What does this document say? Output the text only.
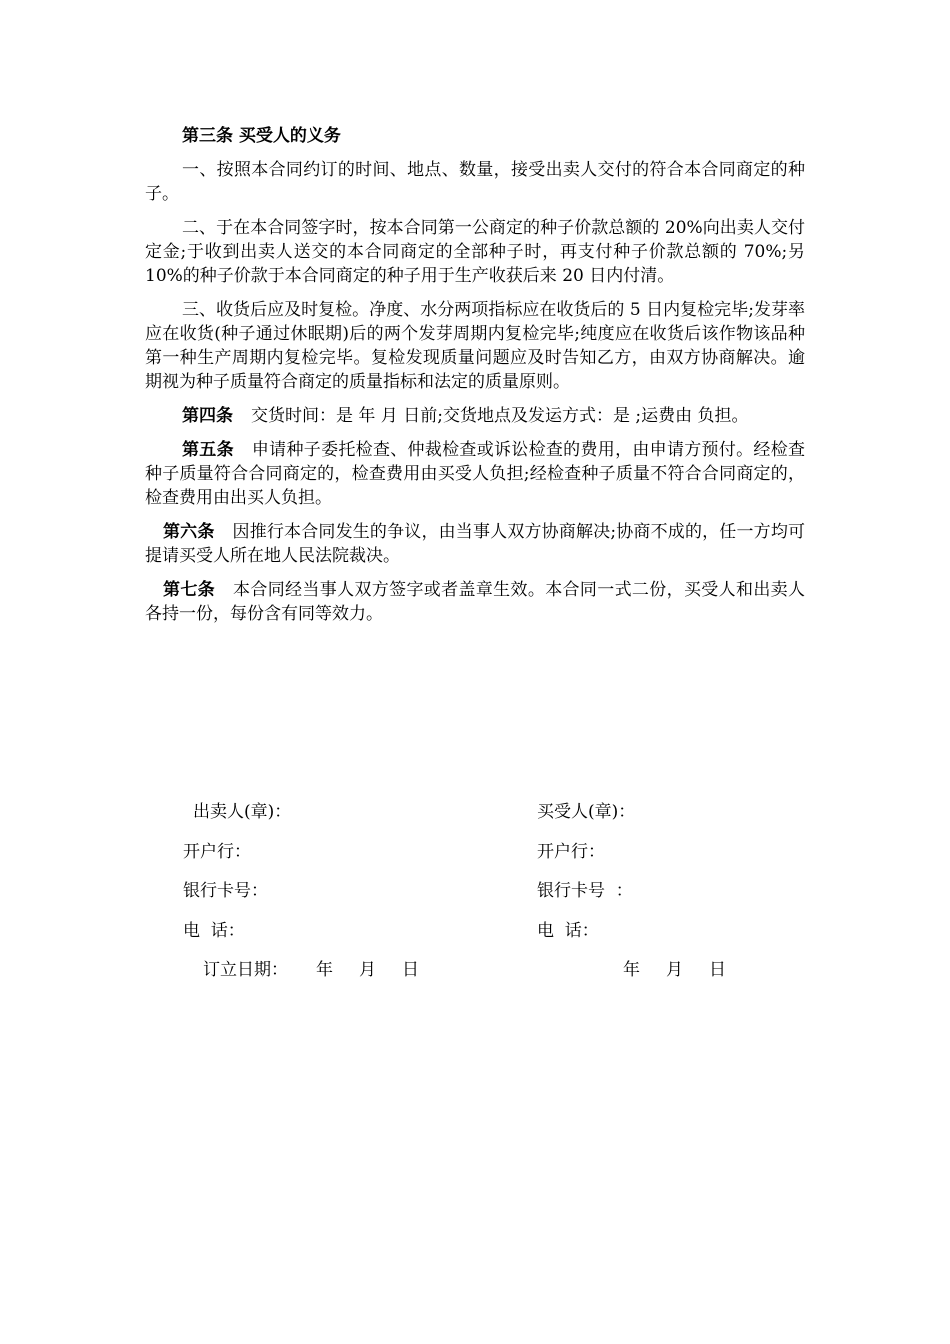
第三条 买受人的义务

一、按照本合同约订的时间、地点、数量，接受出卖人交付的符合本合同商定的种子。

二、于在本合同签字时，按本合同第一公商定的种子价款总额的 20%向出卖人交付定金;于收到出卖人送交的本合同商定的全部种子时，再支付种子价款总额的 70%;另 10%的种子价款于本合同商定的种子用于生产收获后来 20 日内付清。

三、收货后应及时复检。净度、水分两项指标应在收货后的 5 日内复检完毕;发芽率应在收货(种子通过休眠期)后的两个发芽周期内复检完毕;纯度应在收货后该作物该品种第一种生产周期内复检完毕。复检发现质量问题应及时告知乙方，由双方协商解决。逾期视为种子质量符合商定的质量指标和法定的质量原则。

第四条 交货时间：是 年 月 日前;交货地点及发运方式：是 ;运费由 负担。

第五条 申请种子委托检查、仲裁检查或诉讼检查的费用，由申请方预付。经检查种子质量符合合同商定的，检查费用由买受人负担;经检查种子质量不符合合同商定的，检查费用由出买人负担。

第六条 因推行本合同发生的争议，由当事人双方协商解决;协商不成的，任一方均可提请买受人所在地人民法院裁决。

第七条 本合同经当事人双方签字或者盖章生效。本合同一式二份，买受人和出卖人各持一份，每份含有同等效力。

出卖人(章)：	买受人(章)：
开户行：	开户行：
银行卡号：	银行卡号  ：
电  话：	电  话：
订立日期： 年 月 日	年 月 日
